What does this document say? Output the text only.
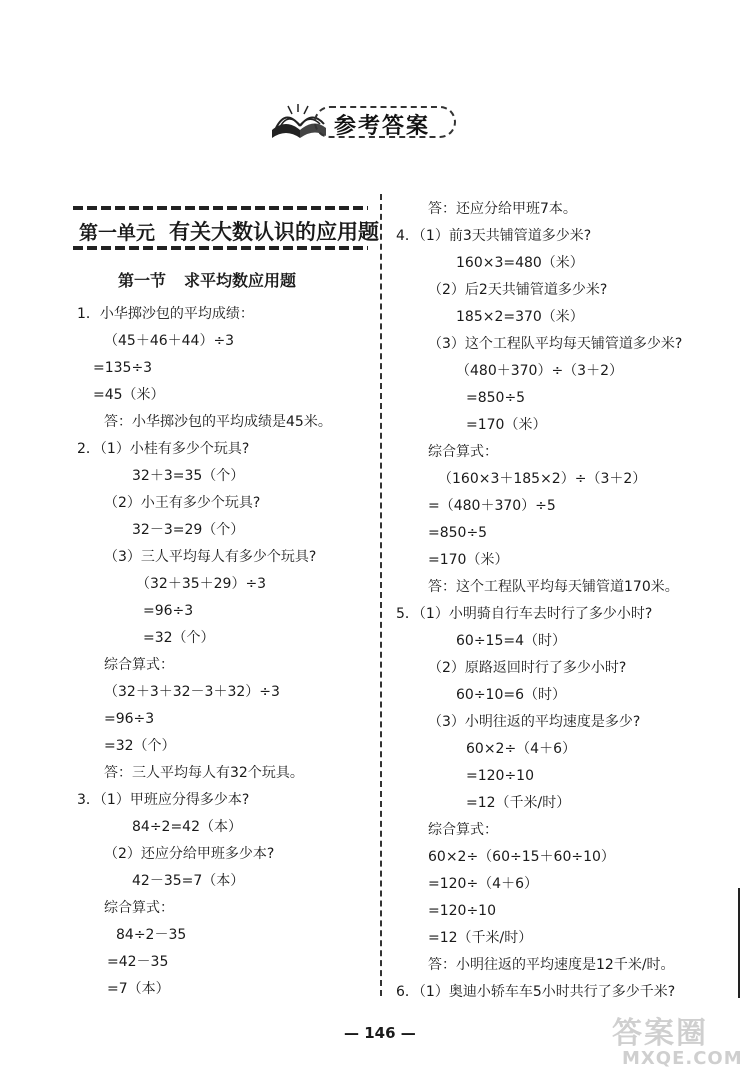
参考答案
第一单元 有关大数认识的应用题
第一节 求平均数应用题
1．小华掷沙包的平均成绩：
（45＋46＋44）÷3
=135÷3
=45（米）
答：小华掷沙包的平均成绩是45米。
2．（1）小桂有多少个玩具?
32＋3=35（个）
（2）小王有多少个玩具?
32－3=29（个）
（3）三人平均每人有多少个玩具?
（32＋35＋29）÷3
=96÷3
=32（个）
综合算式：
（32＋3＋32－3＋32）÷3
=96÷3
=32（个）
答：三人平均每人有32个玩具。
3．（1）甲班应分得多少本?
84÷2=42（本）
（2）还应分给甲班多少本?
42－35=7（本）
综合算式：
84÷2－35
=42－35
=7（本）
答：还应分给甲班7本。
4．（1）前3天共铺管道多少米?
160×3=480（米）
（2）后2天共铺管道多少米?
185×2=370（米）
（3）这个工程队平均每天铺管道多少米?
（480＋370）÷（3＋2）
=850÷5
=170（米）
综合算式：
（160×3＋185×2）÷（3＋2）
=（480＋370）÷5
=850÷5
=170（米）
答：这个工程队平均每天铺管道170米。
5．（1）小明骑自行车去时行了多少小时?
60÷15=4（时）
（2）原路返回时行了多少小时?
60÷10=6（时）
（3）小明往返的平均速度是多少?
60×2÷（4＋6）
=120÷10
=12（千米/时）
综合算式：
60×2÷（60÷15＋60÷10）
=120÷（4＋6）
=120÷10
=12（千米/时）
答：小明往返的平均速度是12千米/时。
6．（1）奥迪小轿车车5小时共行了多少千米?
— 146 —	答案圈
MXQE.COM
